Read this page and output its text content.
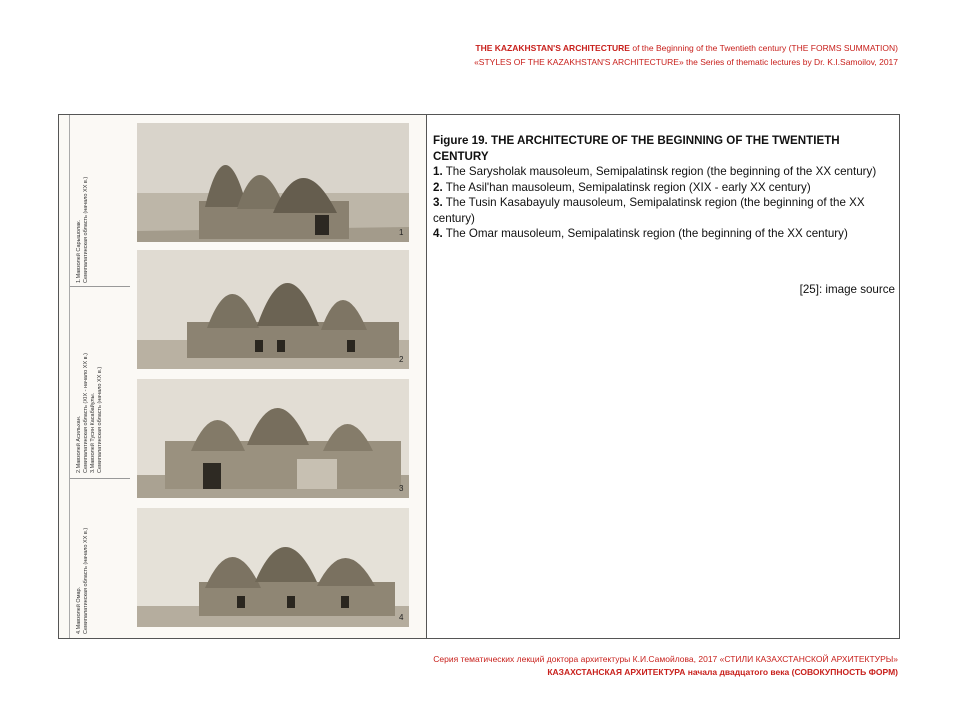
THE KAZAKHSTAN'S ARCHITECTURE of the Beginning of the Twentieth century (THE FORMS SUMMATION)
«STYLES OF THE KAZAKHSTAN'S ARCHITECTURE» the Series of thematic lectures by Dr. K.I.Samoilov, 2017
1.Мавзолей Сарышолак.
Семипалатинская область (начало XX в.)
2.Мавзолей Асильхан.
Семипалатинская область (XIX - начало XX в.)
3.Мавзолей Тусин Касабайулы.
Семипалатинская область (начало XX в.)
4.Мавзолей Омар.
Семипалатинская область (начало XX в.)
1
2
3
4

Figure 19. THE ARCHITECTURE OF THE BEGINNING OF THE TWENTIETH CENTURY

1. The Sarysholak mausoleum, Semipalatinsk region (the beginning of the XX century)

2. The Asil'han mausoleum, Semipalatinsk region (XIX - early XX century)

3. The Tusin Kasabayuly mausoleum, Semipalatinsk region (the beginning of the XX century)

4. The Omar mausoleum, Semipalatinsk region (the beginning of the XX century)

[25]: image source
Серия тематических лекций доктора архитектуры К.И.Самойлова, 2017 «СТИЛИ КАЗАХСТАНСКОЙ АРХИТЕКТУРЫ»
КАЗАХСТАНСКАЯ АРХИТЕКТУРА начала двадцатого века (СОВОКУПНОСТЬ ФОРМ)
